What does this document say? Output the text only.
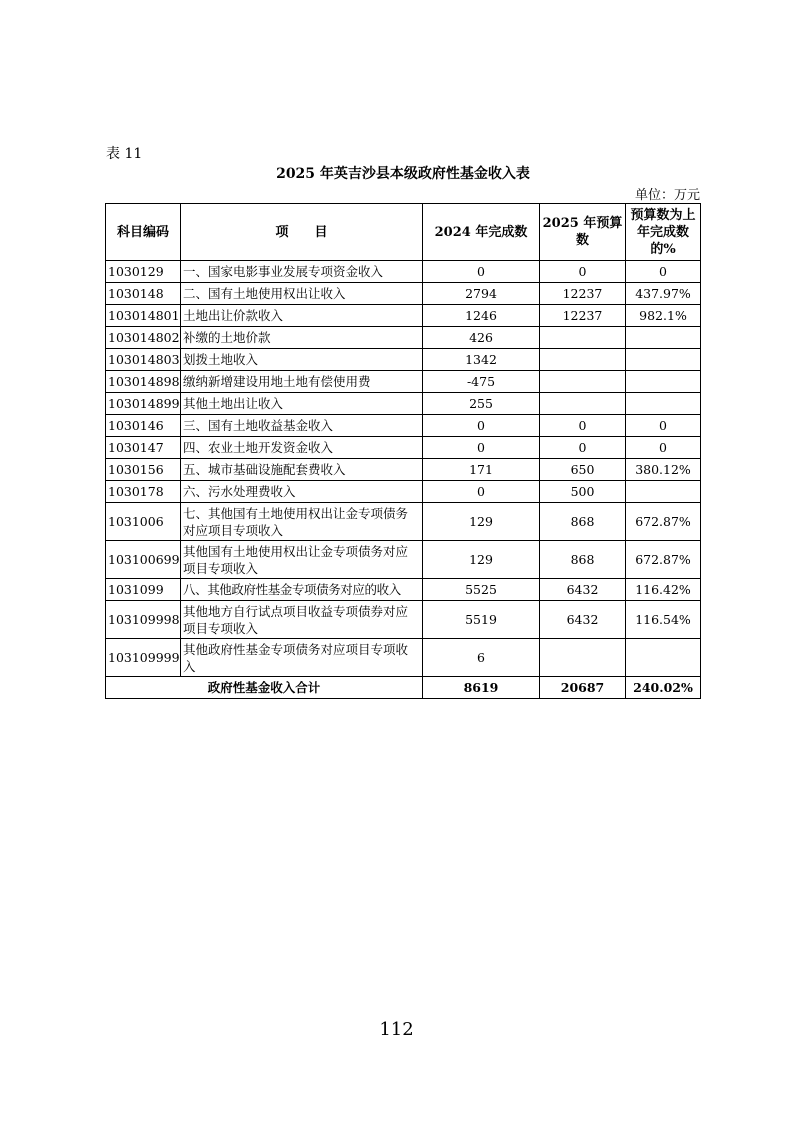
表 11
2025 年英吉沙县本级政府性基金收入表
单位：万元
科目编码	项　　目	2024 年完成数	2025 年预算数	预算数为上年完成数的%
1030129	一、国家电影事业发展专项资金收入	0	0	0
1030148	二、国有土地使用权出让收入	2794	12237	437.97%
103014801	土地出让价款收入	1246	12237	982.1%
103014802	补缴的土地价款	426		
103014803	划拨土地收入	1342		
103014898	缴纳新增建设用地土地有偿使用费	-475		
103014899	其他土地出让收入	255		
1030146	三、国有土地收益基金收入	0	0	0
1030147	四、农业土地开发资金收入	0	0	0
1030156	五、城市基础设施配套费收入	171	650	380.12%
1030178	六、污水处理费收入	0	500	
1031006	七、其他国有土地使用权出让金专项债务对应项目专项收入	129	868	672.87%
103100699	其他国有土地使用权出让金专项债务对应项目专项收入	129	868	672.87%
1031099	八、其他政府性基金专项债务对应的收入	5525	6432	116.42%
103109998	其他地方自行试点项目收益专项债券对应项目专项收入	5519	6432	116.54%
103109999	其他政府性基金专项债务对应项目专项收入	6		
政府性基金收入合计		8619	20687	240.02%
112
